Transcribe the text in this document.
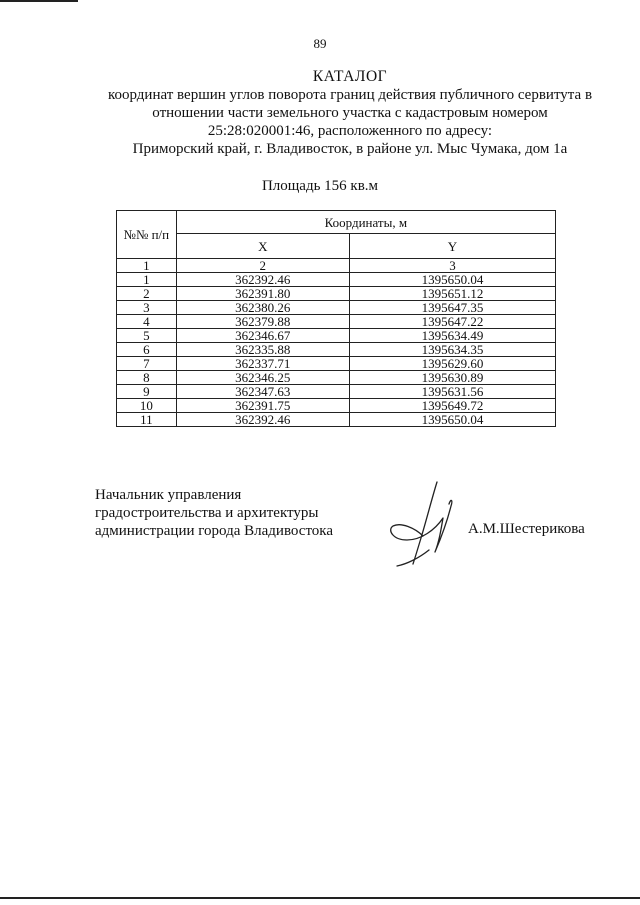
89
КАТАЛОГ
координат вершин углов поворота границ действия публичного сервитута в
отношении части земельного участка с кадастровым номером
25:28:020001:46, расположенного по адресу:
Приморский край, г. Владивосток, в районе ул. Мыс Чумака, дом 1а
Площадь 156 кв.м
№№ п/п	Координаты, м	
	X	Y
1	2	3
1	362392.46	1395650.04
2	362391.80	1395651.12
3	362380.26	1395647.35
4	362379.88	1395647.22
5	362346.67	1395634.49
6	362335.88	1395634.35
7	362337.71	1395629.60
8	362346.25	1395630.89
9	362347.63	1395631.56
10	362391.75	1395649.72
11	362392.46	1395650.04
Начальник управления
градостроительства и архитектуры
администрации города Владивостока	А.М.Шестерикова
